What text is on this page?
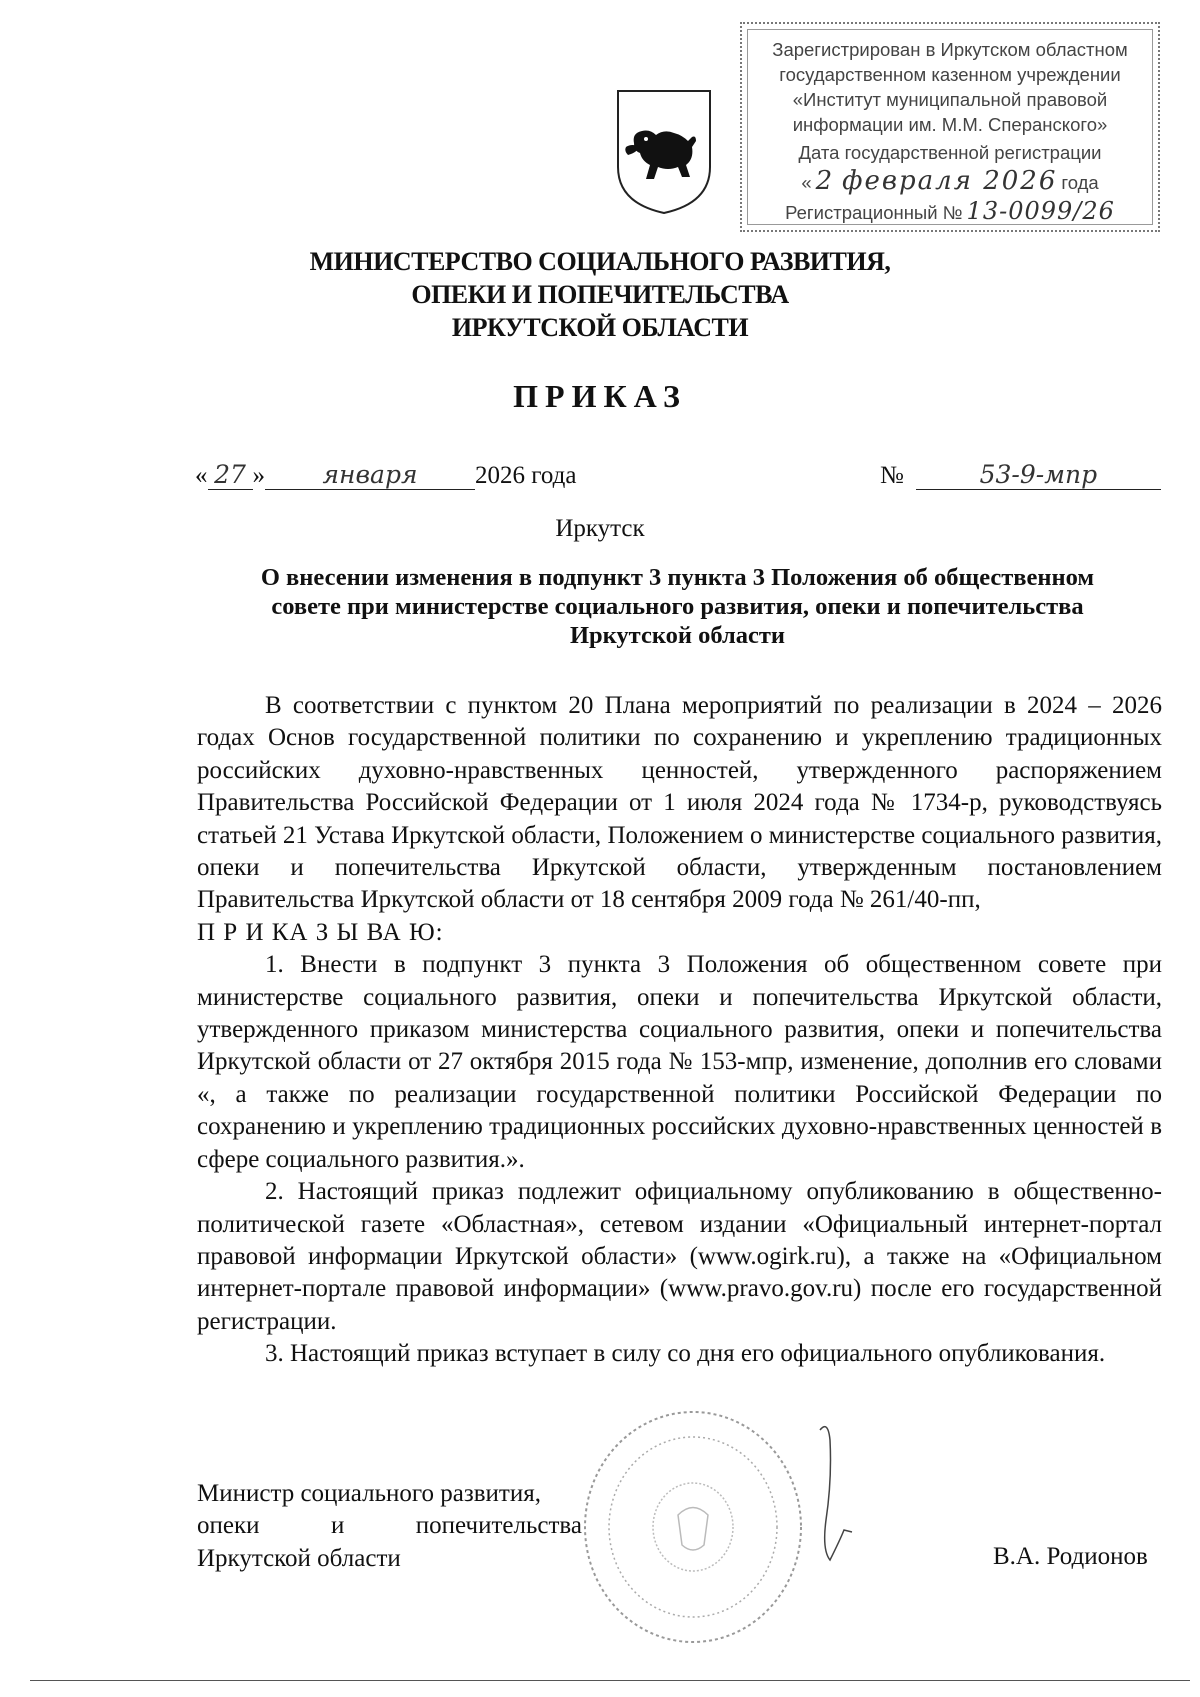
Зарегистрирован в Иркутском областном
государственном казенном учреждении
«Институт муниципальной правовой
информации им. М.М. Сперанского»
Дата государственной регистрации
« 2 февраля 2026 года
Регистрационный № 13-0099/26
МИНИСТЕРСТВО СОЦИАЛЬНОГО РАЗВИТИЯ,
ОПЕКИ И ПОПЕЧИТЕЛЬСТВА
ИРКУТСКОЙ ОБЛАСТИ
ПРИКАЗ
« 27 »	января	2026 года	№	53-9-мпр
Иркутск
О внесении изменения в подпункт 3 пункта 3 Положения об общественном
совете при министерстве социального развития, опеки и попечительства
Иркутской области

В соответствии с пунктом 20 Плана мероприятий по реализации в 2024 – 2026 годах Основ государственной политики по сохранению и укреплению традиционных российских духовно-нравственных ценностей, утвержденного распоряжением Правительства Российской Федерации от 1 июля 2024 года № 1734-р, руководствуясь статьей 21 Устава Иркутской области, Положением о министерстве социального развития, опеки и попечительства Иркутской области, утвержденным постановлением Правительства Иркутской области от 18 сентября 2009 года № 261/40-пп,

П Р И КА З Ы ВА Ю:

1. Внести в подпункт 3 пункта 3 Положения об общественном совете при министерстве социального развития, опеки и попечительства Иркутской области, утвержденного приказом министерства социального развития, опеки и попечительства Иркутской области от 27 октября 2015 года № 153-мпр, изменение, дополнив его словами «, а также по реализации государственной политики Российской Федерации по сохранению и укреплению традиционных российских духовно-нравственных ценностей в сфере социального развития.».

2. Настоящий приказ подлежит официальному опубликованию в общественно-политической газете «Областная», сетевом издании «Официальный интернет-портал правовой информации Иркутской области» (www.ogirk.ru), а также на «Официальном интернет-портале правовой информации» (www.pravo.gov.ru) после его государственной регистрации.

3. Настоящий приказ вступает в силу со дня его официального опубликования.

Министр социального развития,
опеки	и	попечительства
Иркутской области	В.А. Родионов
